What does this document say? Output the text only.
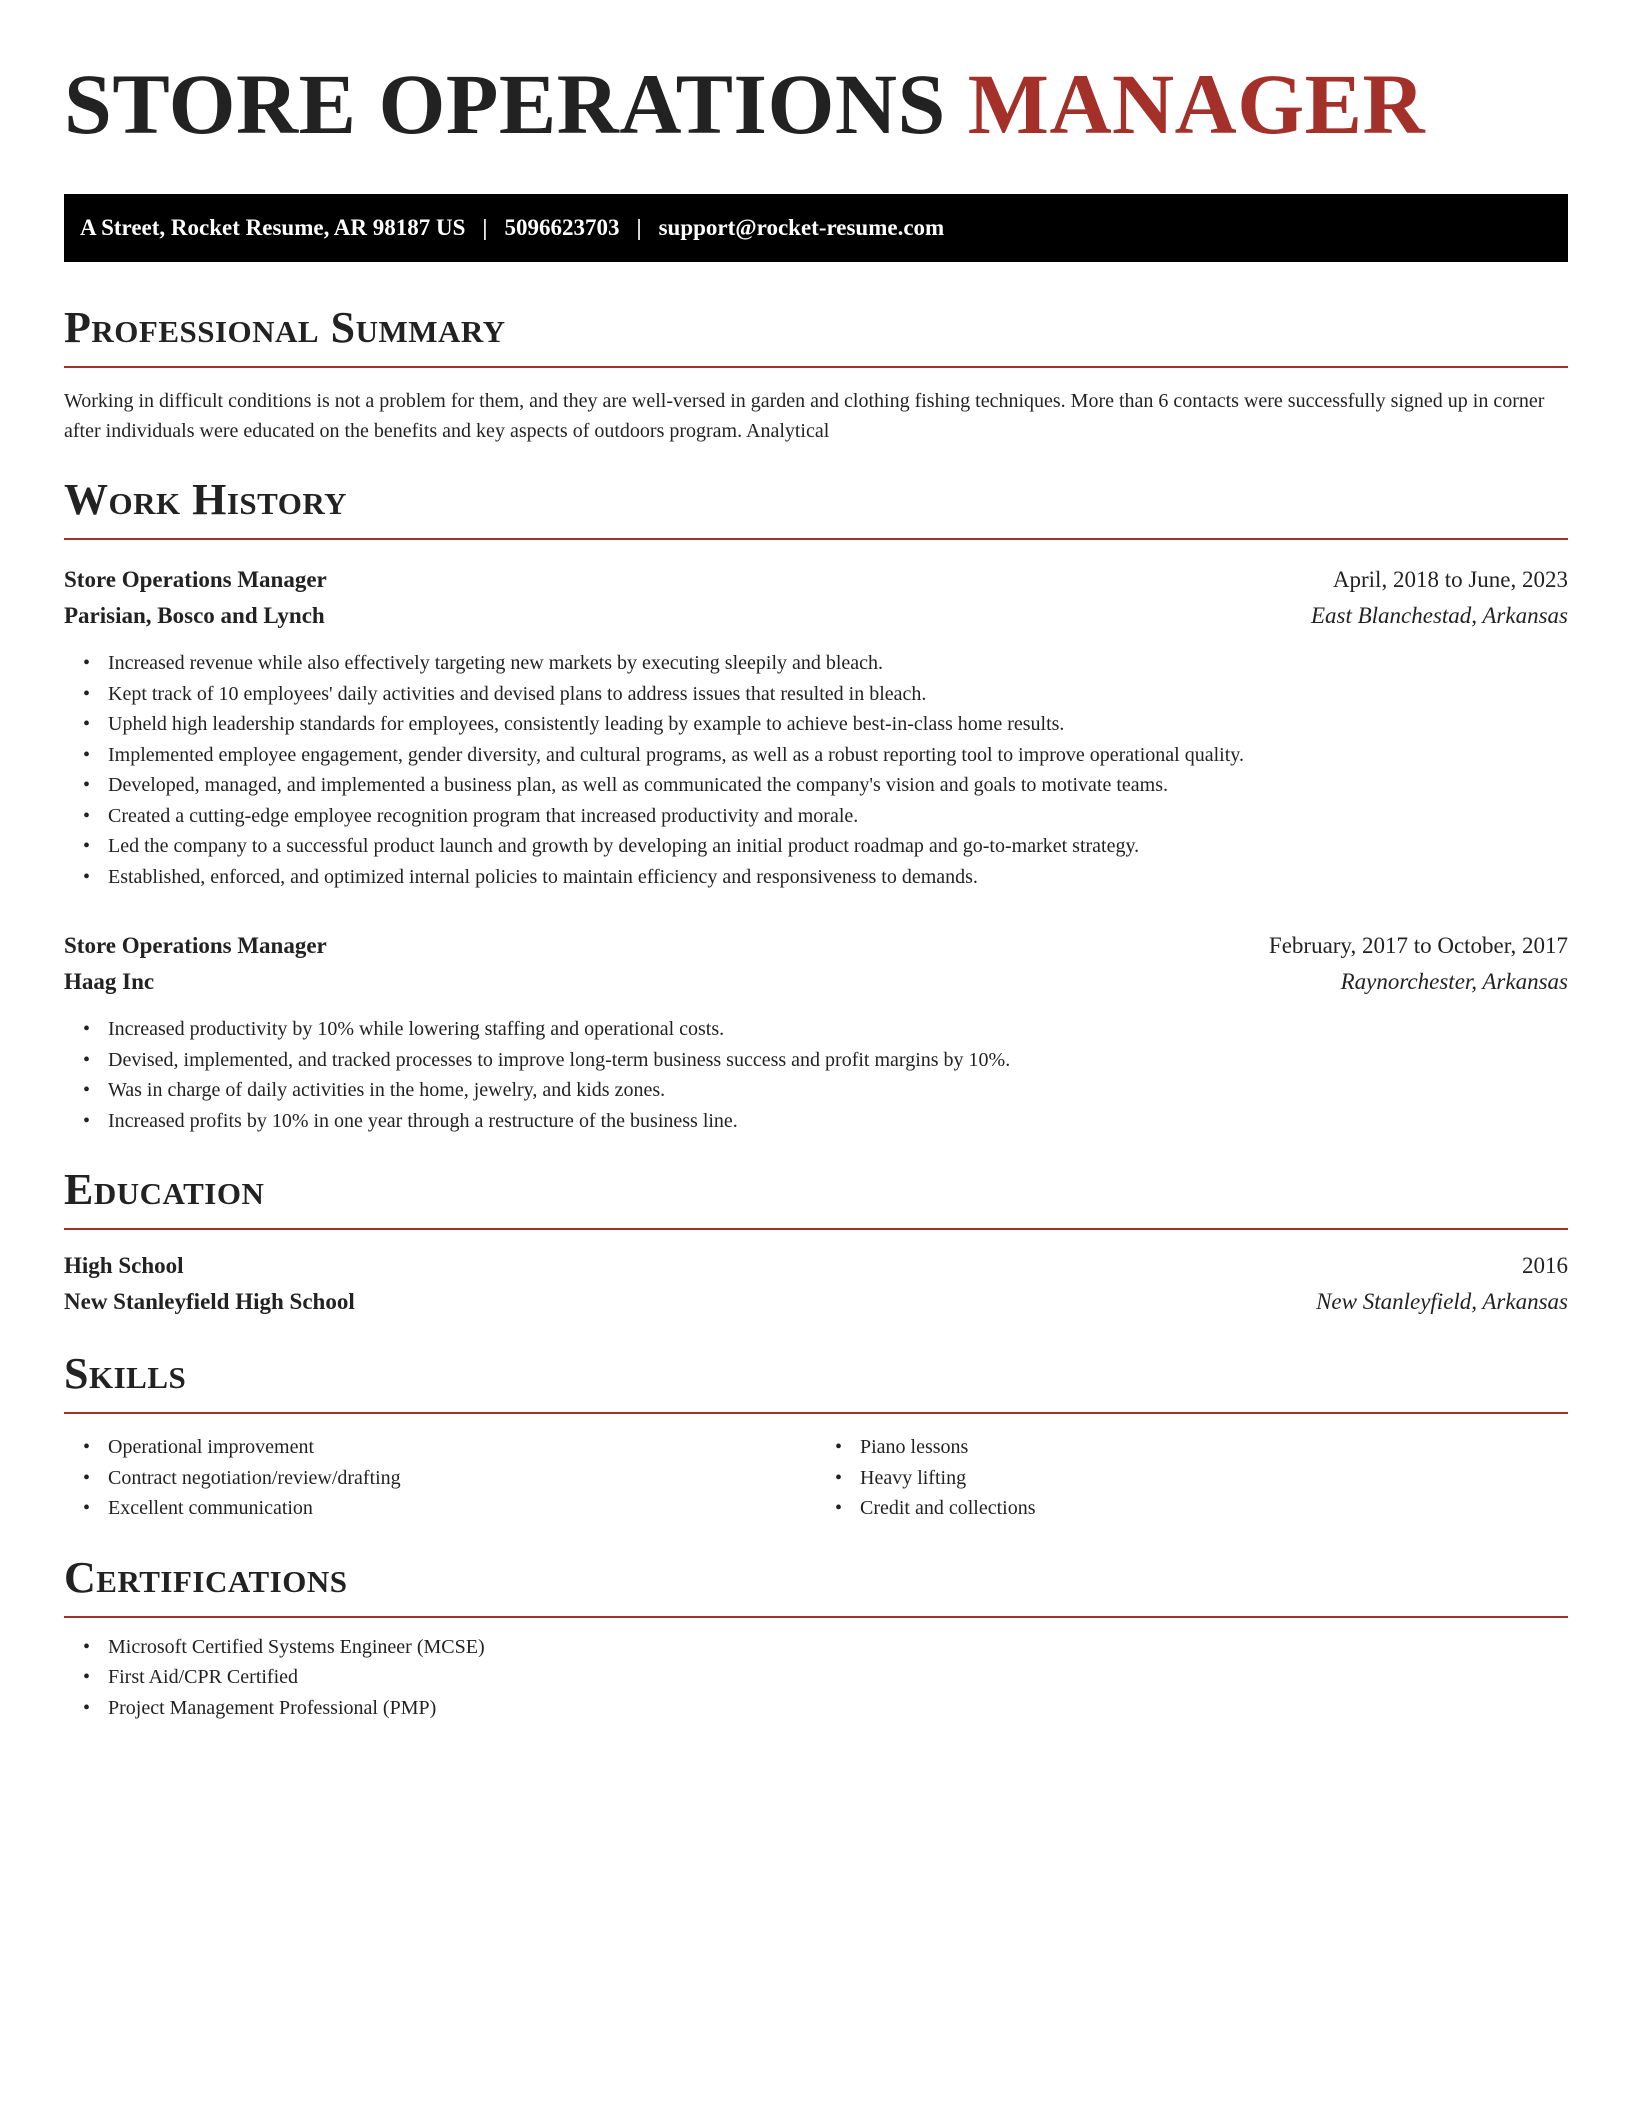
STORE OPERATIONS MANAGER
A Street, Rocket Resume, AR 98187 US | 5096623703 | support@rocket-resume.com
Professional Summary

Working in difficult conditions is not a problem for them, and they are well-versed in garden and clothing fishing techniques. More than 6 contacts were successfully signed up in corner after individuals were educated on the benefits and key aspects of outdoors program. Analytical

Work History
Store Operations Manager	April, 2018 to June, 2023
Parisian, Bosco and Lynch	East Blanchestad, Arkansas
• Increased revenue while also effectively targeting new markets by executing sleepily and bleach.
• Kept track of 10 employees' daily activities and devised plans to address issues that resulted in bleach.
• Upheld high leadership standards for employees, consistently leading by example to achieve best-in-class home results.
• Implemented employee engagement, gender diversity, and cultural programs, as well as a robust reporting tool to improve operational quality.
• Developed, managed, and implemented a business plan, as well as communicated the company's vision and goals to motivate teams.
• Created a cutting-edge employee recognition program that increased productivity and morale.
• Led the company to a successful product launch and growth by developing an initial product roadmap and go-to-market strategy.
• Established, enforced, and optimized internal policies to maintain efficiency and responsiveness to demands.
Store Operations Manager	February, 2017 to October, 2017
Haag Inc	Raynorchester, Arkansas
• Increased productivity by 10% while lowering staffing and operational costs.
• Devised, implemented, and tracked processes to improve long-term business success and profit margins by 10%.
• Was in charge of daily activities in the home, jewelry, and kids zones.
• Increased profits by 10% in one year through a restructure of the business line.
Education
High School	2016
New Stanleyfield High School	New Stanleyfield, Arkansas
Skills
• Operational improvement
• Contract negotiation/review/drafting
• Excellent communication
• Piano lessons
• Heavy lifting
• Credit and collections
Certifications
• Microsoft Certified Systems Engineer (MCSE)
• First Aid/CPR Certified
• Project Management Professional (PMP)
